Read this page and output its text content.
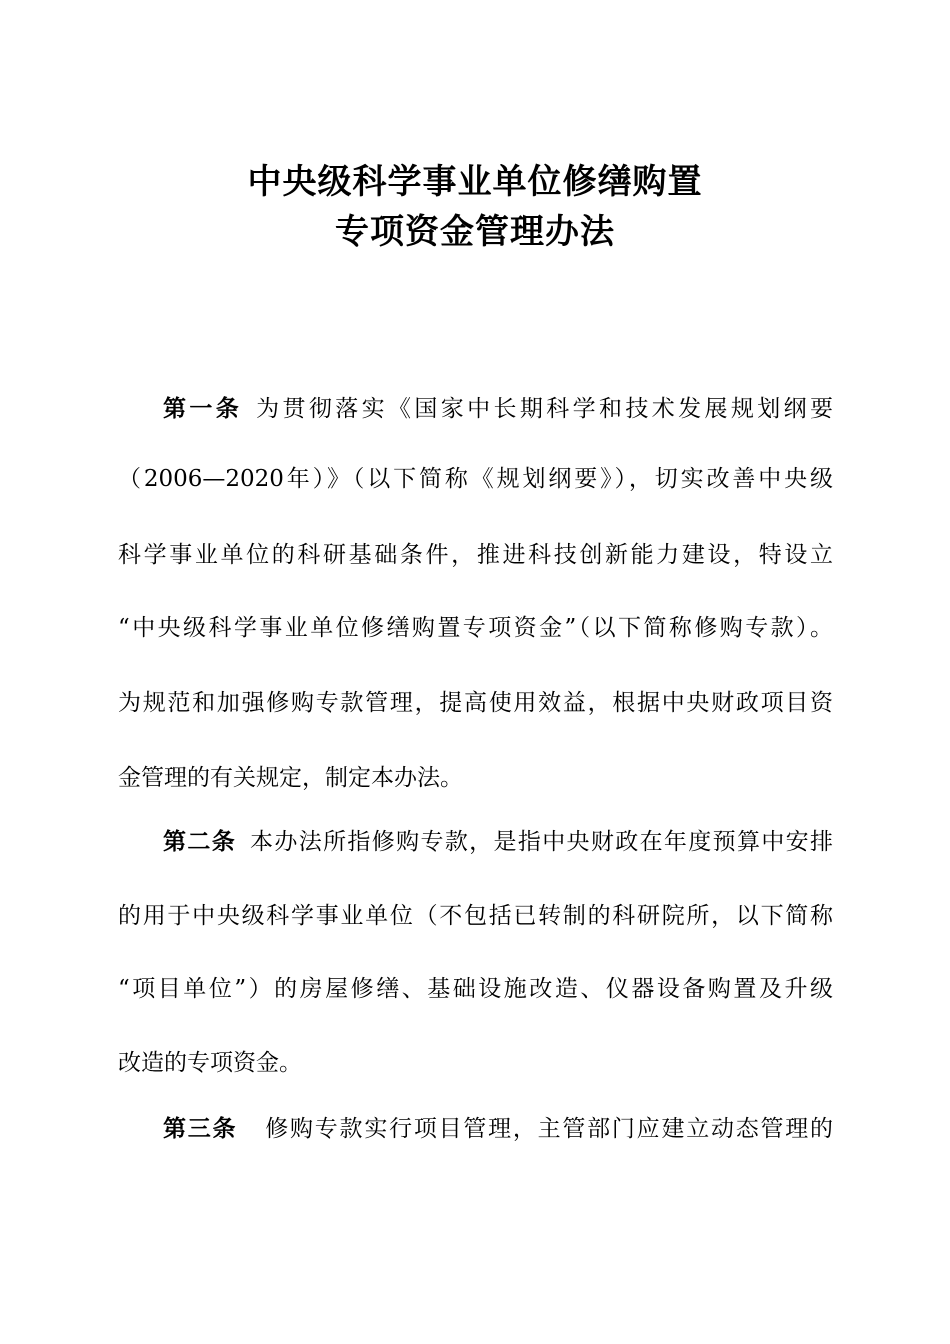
中央级科学事业单位修缮购置
专项资金管理办法
第一条 为贯彻落实《国家中长期科学和技术发展规划纲要
（2006—2020年）》（以下简称《规划纲要》），切实改善中央级
科学事业单位的科研基础条件，推进科技创新能力建设，特设立
“中央级科学事业单位修缮购置专项资金”（以下简称修购专款）。
为规范和加强修购专款管理，提高使用效益，根据中央财政项目资
金管理的有关规定，制定本办法。
第二条 本办法所指修购专款，是指中央财政在年度预算中安排
的用于中央级科学事业单位（不包括已转制的科研院所，以下简称
“项目单位”）的房屋修缮、基础设施改造、仪器设备购置及升级
改造的专项资金。
第三条 修购专款实行项目管理，主管部门应建立动态管理的
